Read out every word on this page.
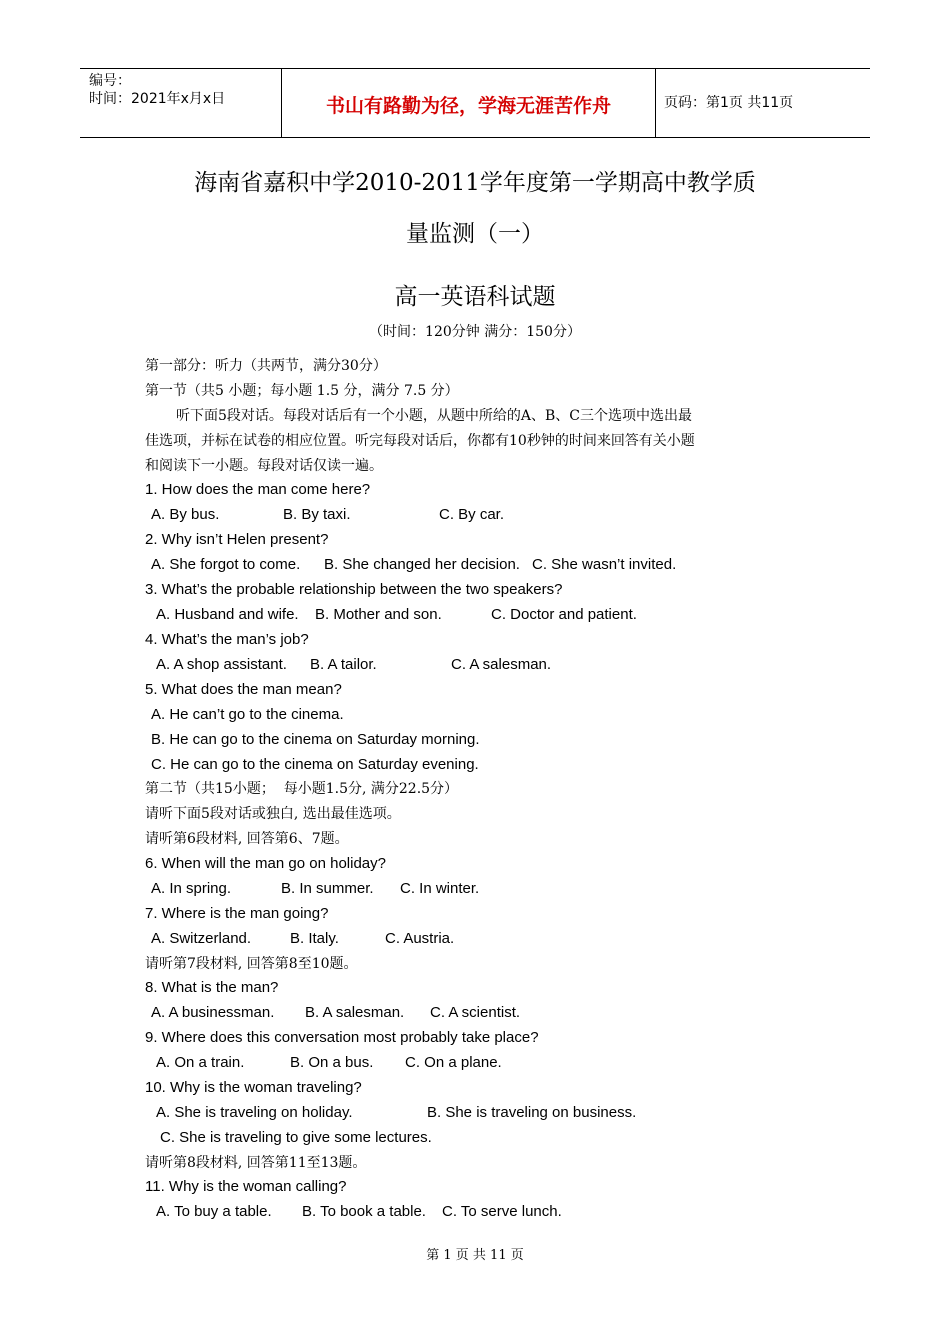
编号：
时间：2021年x月x日	书山有路勤为径，学海无涯苦作舟	页码：第1页 共11页
海南省嘉积中学2010-2011学年度第一学期高中教学质
量监测（一）
高一英语科试题
（时间：120分钟 满分：150分）
第一部分：听力（共两节，满分30分）
第一节（共5 小题；每小题 1.5 分，满分 7.5 分）
听下面5段对话。每段对话后有一个小题，从题中所给的A、B、C三个选项中选出最
佳选项，并标在试卷的相应位置。听完每段对话后，你都有10秒钟的时间来回答有关小题
和阅读下一小题。每段对话仅读一遍。
1. How does the man come here?
A. By bus.	B. By taxi.	C. By car.
2. Why isn’t Helen present?
A. She forgot to come. B. She changed her decision. C. She wasn’t invited.
3. What’s the probable relationship between the two speakers?
A. Husband and wife. B. Mother and son.	C. Doctor and patient.
4. What’s the man’s job?
A. A shop assistant. B. A tailor.	C. A salesman.
5. What does the man mean?
A. He can’t go to the cinema.
B. He can go to the cinema on Saturday morning.
C. He can go to the cinema on Saturday evening.
第二节（共15小题；  每小题1.5分, 满分22.5分）
请听下面5段对话或独白, 选出最佳选项。
请听第6段材料, 回答第6、7题。
6. When will the man go on holiday?
A. In spring.	B. In summer. C. In winter.
7. Where is the man going?
A. Switzerland.	B. Italy.	C. Austria.
请听第7段材料, 回答第8至10题。
8. What is the man?
A. A businessman. B. A salesman. C. A scientist.
9. Where does this conversation most probably take place?
A. On a train.	B. On a bus. C. On a plane.
10. Why is the woman traveling?
A. She is traveling on holiday.	B. She is traveling on business.
C. She is traveling to give some lectures.
请听第8段材料, 回答第11至13题。
11. Why is the woman calling?
A. To buy a table. B. To book a table. C. To serve lunch.
第 1 页 共 11 页
